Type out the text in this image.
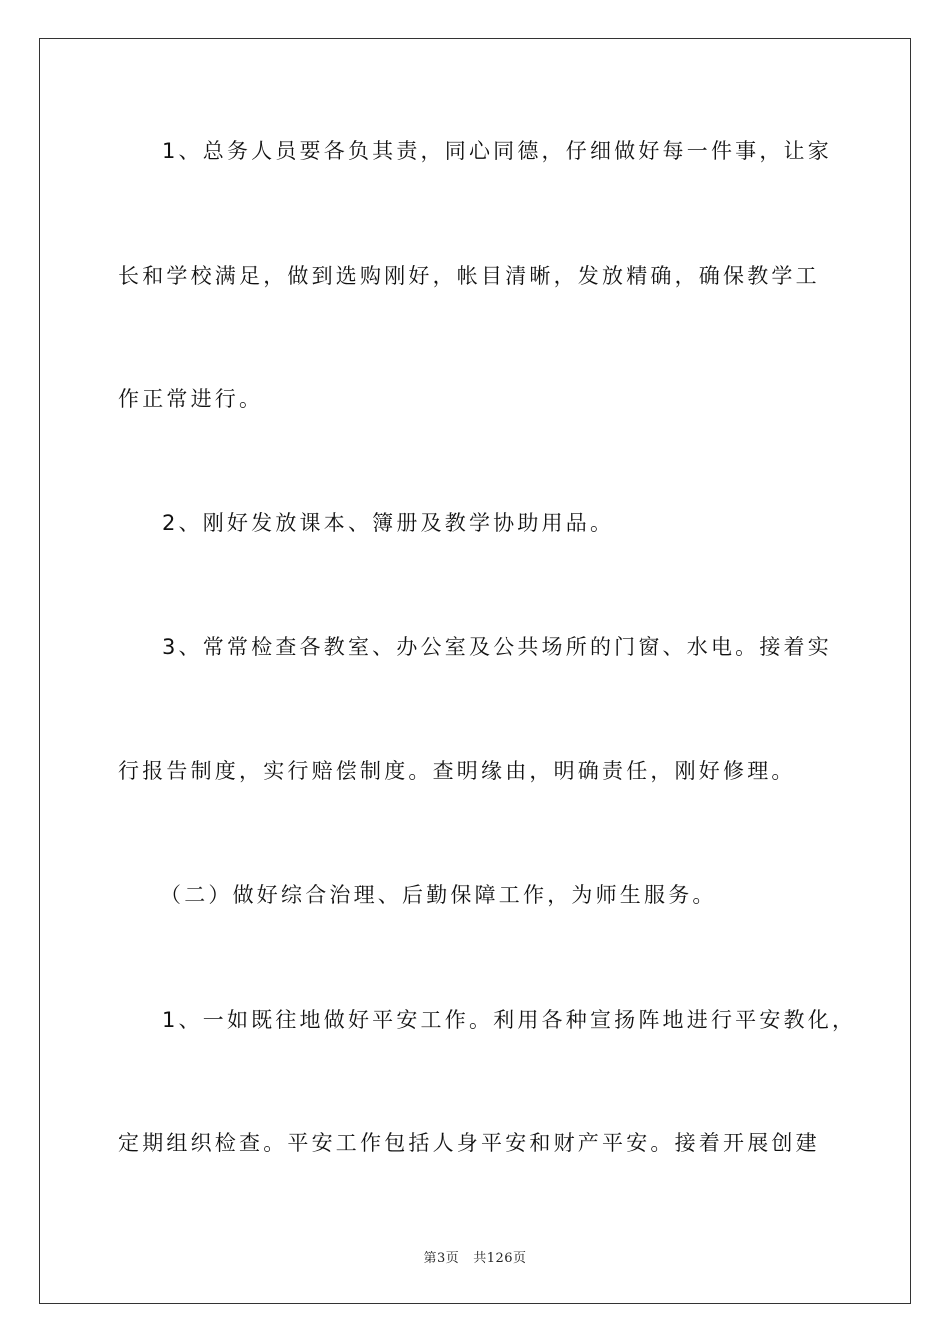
1、总务人员要各负其责，同心同德，仔细做好每一件事，让家
长和学校满足，做到选购刚好，帐目清晰，发放精确，确保教学工
作正常进行。
2、刚好发放课本、簿册及教学协助用品。
3、常常检查各教室、办公室及公共场所的门窗、水电。接着实
行报告制度，实行赔偿制度。查明缘由，明确责任，刚好修理。
（二）做好综合治理、后勤保障工作，为师生服务。
1、一如既往地做好平安工作。利用各种宣扬阵地进行平安教化，
定期组织检查。平安工作包括人身平安和财产平安。接着开展创建
第3页 共126页
